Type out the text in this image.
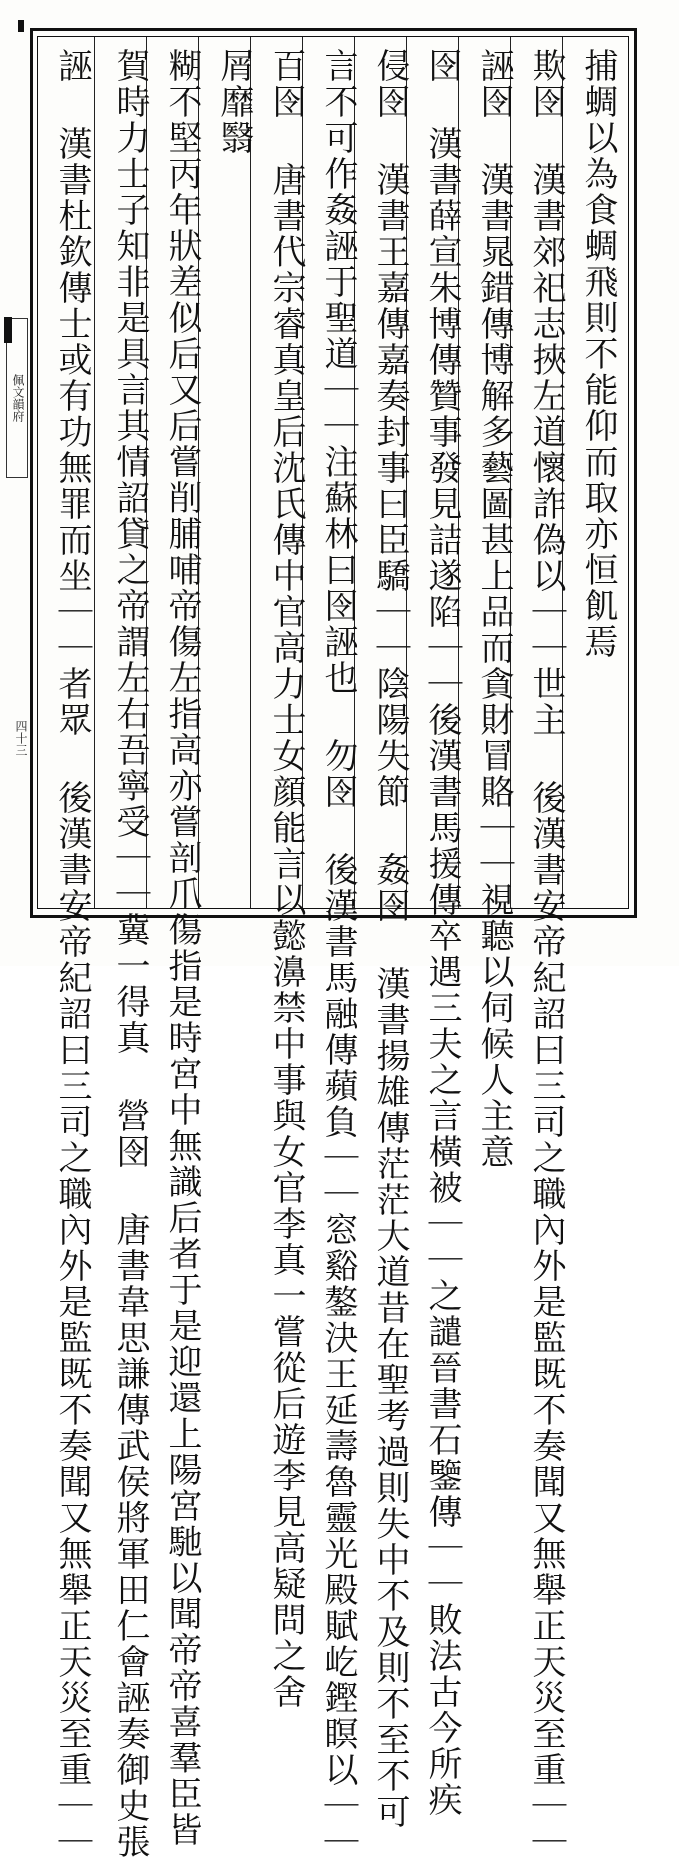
佩文韻府
四十三
捕蜩以為食蜩飛則不能仰而取亦恒飢焉
欺囹 漢書郊祀志挾左道懷詐偽以｜｜世主 後漢書安帝紀詔曰三司之職內外是監既不奏聞又無舉正天災至重｜｜
誣囹 漢書晁錯傳博解多藝圖甚上品而貪財冒賂｜｜視聽以伺候人主意
囹 漢書薛宣朱博傳贊事發見詰遂陷｜｜後漢書馬援傳卒遇三夫之言橫被｜｜之譴晉書石鑒傳｜｜敗法古今所疾
侵囹 漢書王嘉傳嘉奏封事曰臣驕｜｜陰陽失節 姦囹 漢書揚雄傳茫茫大道昔在聖考過則失中不及則不至不可
言不可作姦誣于聖道｜｜注蘇林曰囹誣也 勿囹 後漢書馬融傳蘋負｜｜窓谿鏊決王延壽魯靈光殿賦屹鏗瞑以｜｜
百囹 唐書代宗睿真皇后沈氏傳中官高力士女顔能言以懿濞禁中事與女官李真一嘗從后遊李見高疑問之舍
屑靡翳
糊不堅丙年狀差似后又后嘗削脯哺帝傷左指高亦嘗剖爪傷指是時宮中無識后者于是迎還上陽宮馳以聞帝帝喜羣臣皆
賀時力士子知非是具言其情詔貸之帝謂左右吾寧受｜｜冀一得真 營囹 唐書韋思謙傳武侯將軍田仁會誣奏御史張
誣 漢書杜欽傳士或有功無罪而坐｜｜者眾 後漢書安帝紀詔曰三司之職內外是監既不奏聞又無舉正天災至重｜｜
